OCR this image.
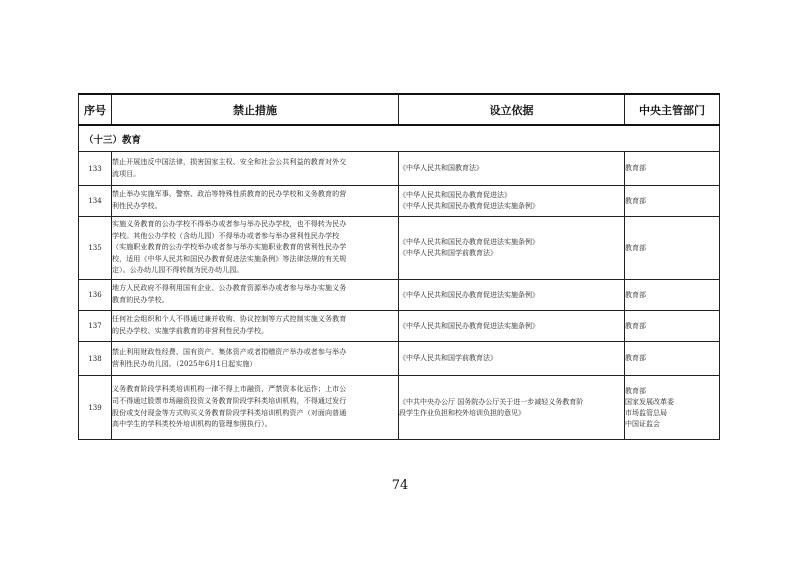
序号	禁止措施	设立依据	中央主管部门
（十三）教育			
133	禁止开展违反中国法律，损害国家主权、安全和社会公共利益的教育对外交
流项目。	《中华人民共和国教育法》	教育部

134	禁止举办实施军事、警察、政治等特殊性质教育的民办学校和义务教育的营
利性民办学校。	《中华人民共和国民办教育促进法》
《中华人民共和国民办教育促进法实施条例》	教育部

135	实施义务教育的公办学校不得举办或者参与举办民办学校，也不得转为民办
学校。其他公办学校（含幼儿园）不得举办或者参与举办营利性民办学校
（实施职业教育的公办学校举办或者参与举办实施职业教育的营利性民办学
校，适用《中华人民共和国民办教育促进法实施条例》等法律法规的有关规
定）。公办幼儿园不得转制为民办幼儿园。	《中华人民共和国民办教育促进法实施条例》
《中华人民共和国学前教育法》	教育部

136	地方人民政府不得利用国有企业、公办教育资源举办或者参与举办实施义务
教育的民办学校。	《中华人民共和国民办教育促进法实施条例》	教育部

137	任何社会组织和个人不得通过兼并收购、协议控制等方式控制实施义务教育
的民办学校、实施学前教育的非营利性民办学校。	《中华人民共和国民办教育促进法实施条例》	教育部

138	禁止利用财政性经费、国有资产、集体资产或者捐赠资产举办或者参与举办
营利性民办幼儿园。（2025年6月1日起实施）	《中华人民共和国学前教育法》	教育部

139	义务教育阶段学科类培训机构一律不得上市融资，严禁资本化运作；上市公
司不得通过股票市场融资投资义务教育阶段学科类培训机构，不得通过发行
股份或支付现金等方式购买义务教育阶段学科类培训机构资产（对面向普通
高中学生的学科类校外培训机构的管理参照执行）。	《中共中央办公厅 国务院办公厅关于进一步减轻义务教育阶
段学生作业负担和校外培训负担的意见》	教育部
国家发展改革委
市场监管总局
中国证监会
74
